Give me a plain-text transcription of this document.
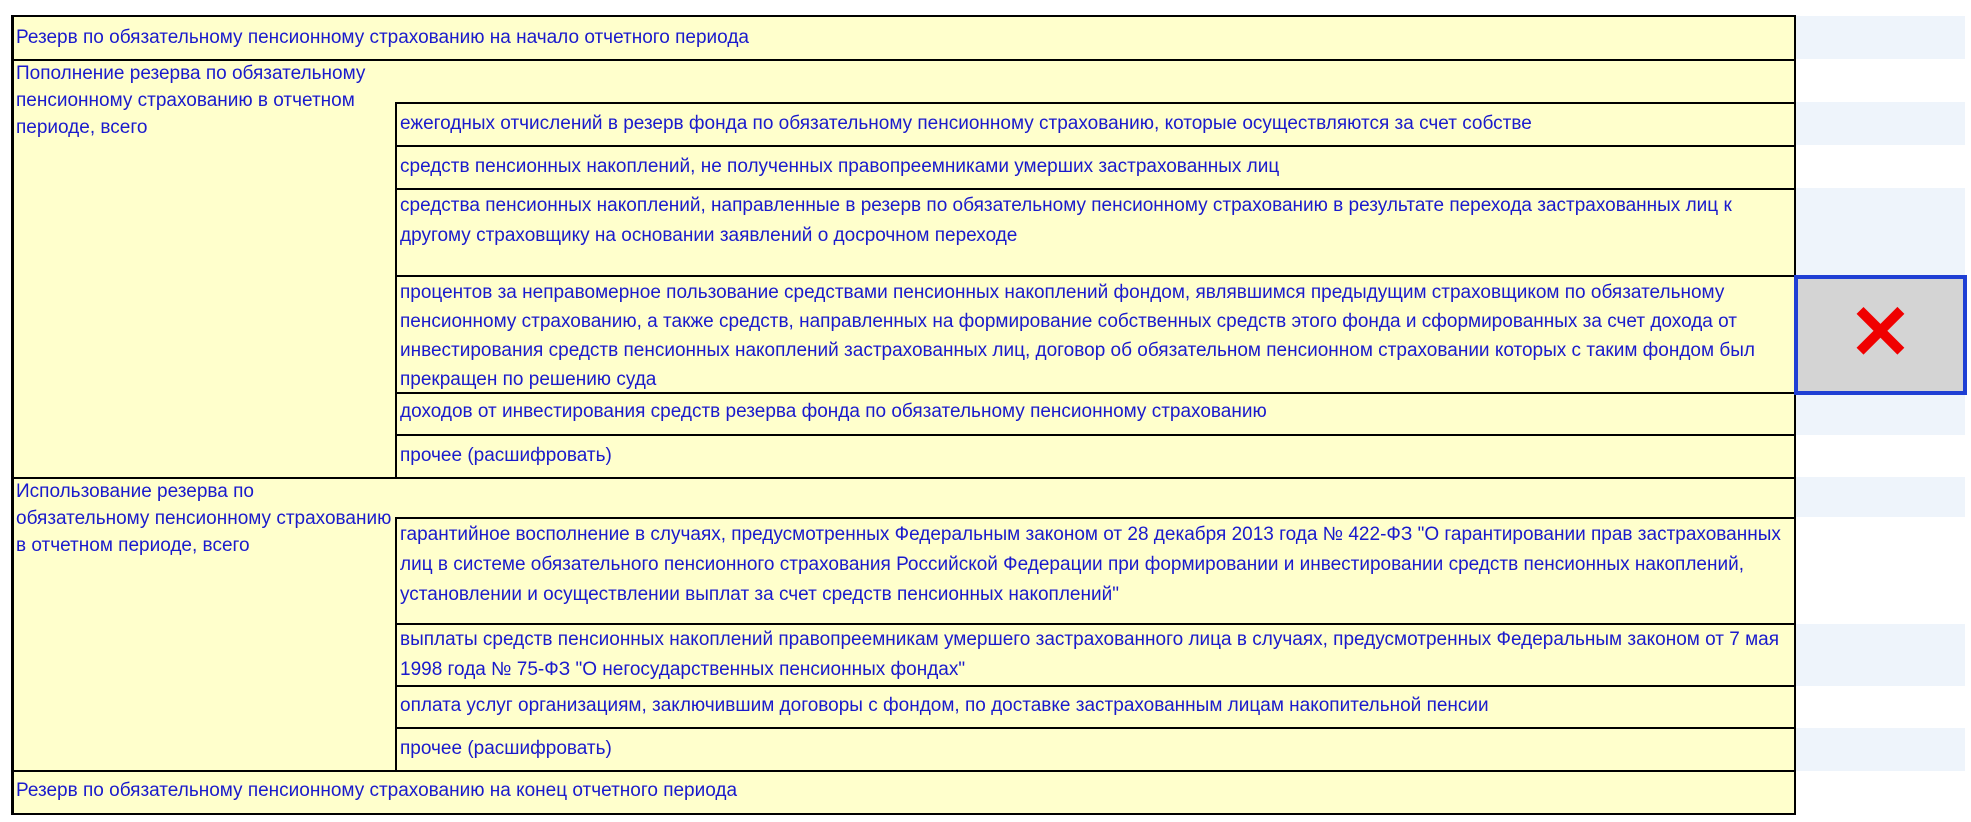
Резерв по обязательному пенсионному страхованию на начало отчетного периода
Пополнение резерва по обязательному пенсионному страхованию в отчетном периоде, всего	ежегодных отчислений в резерв фонда по обязательному пенсионному страхованию, которые осуществляются за счет собстве
средств пенсионных накоплений, не полученных правопреемниками умерших застрахованных лиц
средства пенсионных накоплений, направленные в резерв по обязательному пенсионному страхованию в результате перехода застрахованных лиц к другому страховщику на основании заявлений о досрочном переходе
процентов за неправомерное пользование средствами пенсионных накоплений фондом, являвшимся предыдущим страховщиком по обязательному пенсионному страхованию, а также средств, направленных на формирование собственных средств этого фонда и сформированных за счет дохода от инвестирования средств пенсионных накоплений застрахованных лиц, договор об обязательном пенсионном страховании которых с таким фондом был прекращен по решению суда
доходов от инвестирования средств резерва фонда по обязательному пенсионному страхованию
прочее (расшифровать)
Использование резерва по обязательному пенсионному страхованию в отчетном периоде, всего
гарантийное восполнение в случаях, предусмотренных Федеральным законом от 28 декабря 2013 года № 422-ФЗ "О гарантировании прав застрахованных лиц в системе обязательного пенсионного страхования Российской Федерации при формировании и инвестировании средств пенсионных накоплений, установлении и осуществлении выплат за счет средств пенсионных накоплений"
выплаты средств пенсионных накоплений правопреемникам умершего застрахованного лица в случаях, предусмотренных Федеральным законом от 7 мая 1998 года № 75-ФЗ "О негосударственных пенсионных фондах"
оплата услуг организациям, заключившим договоры с фондом, по доставке застрахованным лицам накопительной пенсии
прочее (расшифровать)
Резерв по обязательному пенсионному страхованию на конец отчетного периода
✕
